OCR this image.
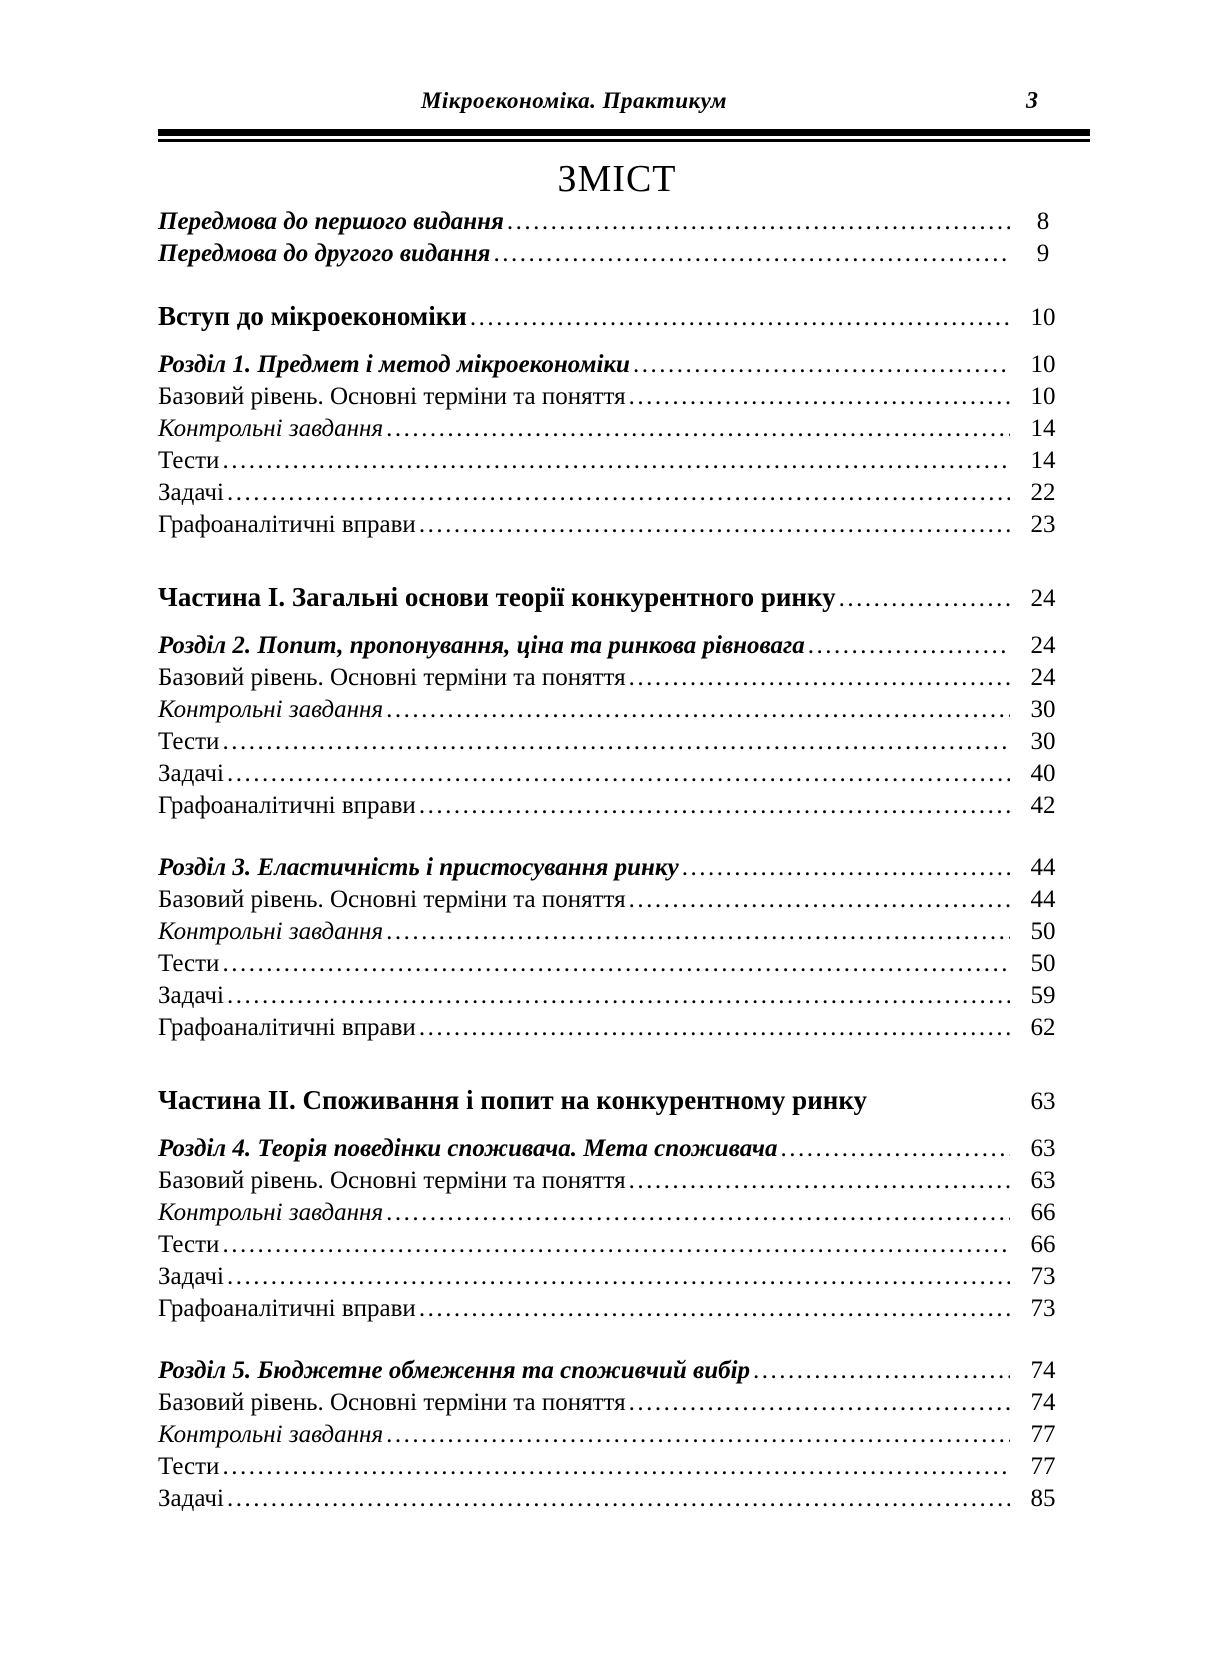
Мікроекономіка. Практикум	3
ЗМІСТ
Передмова до першого видання .....	8
Передмова до другого видання .....	9
Вступ до мікроекономіки .....	10
Розділ 1. Предмет і метод мікроекономіки .....	10
Базовий рівень. Основні терміни та поняття .....	10
Контрольні завдання .....	14
Тести .....	14
Задачі .....	22
Графоаналітичні вправи .....	23
Частина I. Загальні основи теорії конкурентного ринку .....	24
Розділ 2. Попит, пропонування, ціна та ринкова рівновага .....	24
Базовий рівень. Основні терміни та поняття .....	24
Контрольні завдання .....	30
Тести .....	30
Задачі .....	40
Графоаналітичні вправи .....	42
Розділ 3. Еластичність і пристосування ринку .....	44
Базовий рівень. Основні терміни та поняття .....	44
Контрольні завдання .....	50
Тести .....	50
Задачі .....	59
Графоаналітичні вправи .....	62
Частина II. Споживання і попит на конкурентному ринку	63
Розділ 4. Теорія поведінки споживача. Мета споживача .....	63
Базовий рівень. Основні терміни та поняття .....	63
Контрольні завдання .....	66
Тести .....	66
Задачі .....	73
Графоаналітичні вправи .....	73
Розділ 5. Бюджетне обмеження та споживчий вибір .....	74
Базовий рівень. Основні терміни та поняття .....	74
Контрольні завдання .....	77
Тести .....	77
Задачі .....	85
